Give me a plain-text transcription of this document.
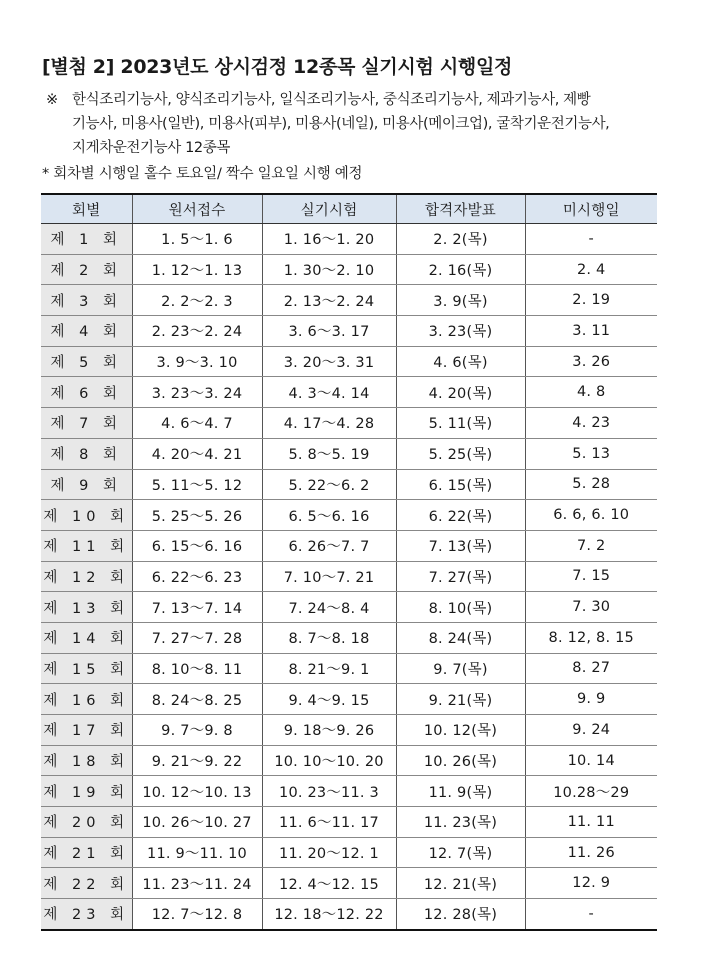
[별첨 2] 2023년도 상시검정 12종목 실기시험 시행일정
※ 한식조리기능사, 양식조리기능사, 일식조리기능사, 중식조리기능사, 제과기능사, 제빵
기능사, 미용사(일반), 미용사(피부), 미용사(네일), 미용사(메이크업), 굴착기운전기능사,
지게차운전기능사 12종목
* 회차별 시행일 홀수 토요일/ 짝수 일요일 시행 예정
회별	원서접수	실기시험	합격자발표	미시행일
제 1 회	1. 5～1. 6	1. 16～1. 20	2. 2(목)	-
제 2 회	1. 12～1. 13	1. 30～2. 10	2. 16(목)	2. 4
제 3 회	2. 2～2. 3	2. 13～2. 24	3. 9(목)	2. 19
제 4 회	2. 23～2. 24	3. 6～3. 17	3. 23(목)	3. 11
제 5 회	3. 9～3. 10	3. 20～3. 31	4. 6(목)	3. 26
제 6 회	3. 23～3. 24	4. 3～4. 14	4. 20(목)	4. 8
제 7 회	4. 6～4. 7	4. 17～4. 28	5. 11(목)	4. 23
제 8 회	4. 20～4. 21	5. 8～5. 19	5. 25(목)	5. 13
제 9 회	5. 11～5. 12	5. 22～6. 2	6. 15(목)	5. 28
제 10 회	5. 25～5. 26	6. 5～6. 16	6. 22(목)	6. 6, 6. 10
제 11 회	6. 15～6. 16	6. 26～7. 7	7. 13(목)	7. 2
제 12 회	6. 22～6. 23	7. 10～7. 21	7. 27(목)	7. 15
제 13 회	7. 13～7. 14	7. 24～8. 4	8. 10(목)	7. 30
제 14 회	7. 27～7. 28	8. 7～8. 18	8. 24(목)	8. 12, 8. 15
제 15 회	8. 10～8. 11	8. 21～9. 1	9. 7(목)	8. 27
제 16 회	8. 24～8. 25	9. 4～9. 15	9. 21(목)	9. 9
제 17 회	9. 7～9. 8	9. 18～9. 26	10. 12(목)	9. 24
제 18 회	9. 21～9. 22	10. 10～10. 20	10. 26(목)	10. 14
제 19 회	10. 12～10. 13	10. 23～11. 3	11. 9(목)	10.28～29
제 20 회	10. 26～10. 27	11. 6～11. 17	11. 23(목)	11. 11
제 21 회	11. 9～11. 10	11. 20～12. 1	12. 7(목)	11. 26
제 22 회	11. 23～11. 24	12. 4～12. 15	12. 21(목)	12. 9
제 23 회	12. 7～12. 8	12. 18～12. 22	12. 28(목)	-
